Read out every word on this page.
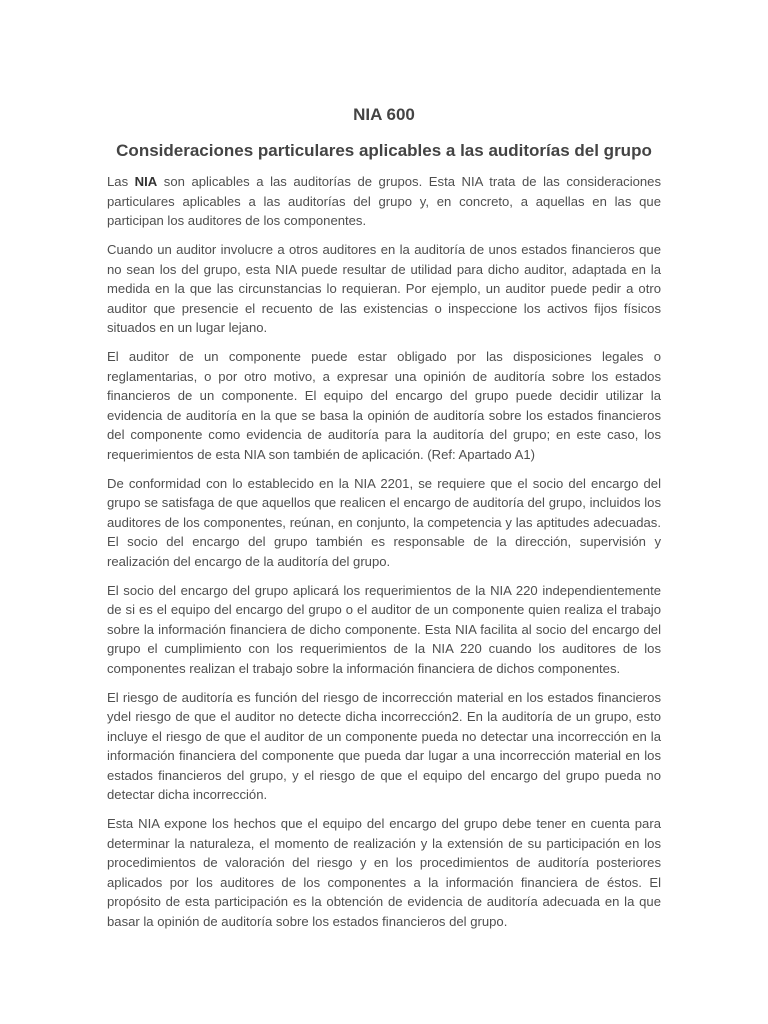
NIA 600
Consideraciones particulares aplicables a las auditorías del grupo

Las NIA son aplicables a las auditorías de grupos. Esta NIA trata de las consideraciones particulares aplicables a las auditorías del grupo y, en concreto, a aquellas en las que participan los auditores de los componentes.

Cuando un auditor involucre a otros auditores en la auditoría de unos estados financieros que no sean los del grupo, esta NIA puede resultar de utilidad para dicho auditor, adaptada en la medida en la que las circunstancias lo requieran. Por ejemplo, un auditor puede pedir a otro auditor que presencie el recuento de las existencias o inspeccione los activos fijos físicos situados en un lugar lejano.

El auditor de un componente puede estar obligado por las disposiciones legales o reglamentarias, o por otro motivo, a expresar una opinión de auditoría sobre los estados financieros de un componente. El equipo del encargo del grupo puede decidir utilizar la evidencia de auditoría en la que se basa la opinión de auditoría sobre los estados financieros del componente como evidencia de auditoría para la auditoría del grupo; en este caso, los requerimientos de esta NIA son también de aplicación. (Ref: Apartado A1)

De conformidad con lo establecido en la NIA 2201, se requiere que el socio del encargo del grupo se satisfaga de que aquellos que realicen el encargo de auditoría del grupo, incluidos los auditores de los componentes, reúnan, en conjunto, la competencia y las aptitudes adecuadas. El socio del encargo del grupo también es responsable de la dirección, supervisión y realización del encargo de la auditoría del grupo.

El socio del encargo del grupo aplicará los requerimientos de la NIA 220 independientemente de si es el equipo del encargo del grupo o el auditor de un componente quien realiza el trabajo sobre la información financiera de dicho componente. Esta NIA facilita al socio del encargo del grupo el cumplimiento con los requerimientos de la NIA 220 cuando los auditores de los componentes realizan el trabajo sobre la información financiera de dichos componentes.

El riesgo de auditoría es función del riesgo de incorrección material en los estados financieros ydel riesgo de que el auditor no detecte dicha incorrección2. En la auditoría de un grupo, esto incluye el riesgo de que el auditor de un componente pueda no detectar una incorrección en la información financiera del componente que pueda dar lugar a una incorrección material en los estados financieros del grupo, y el riesgo de que el equipo del encargo del grupo pueda no detectar dicha incorrección.

Esta NIA expone los hechos que el equipo del encargo del grupo debe tener en cuenta para determinar la naturaleza, el momento de realización y la extensión de su participación en los procedimientos de valoración del riesgo y en los procedimientos de auditoría posteriores aplicados por los auditores de los componentes a la información financiera de éstos. El propósito de esta participación es la obtención de evidencia de auditoría adecuada en la que basar la opinión de auditoría sobre los estados financieros del grupo.
